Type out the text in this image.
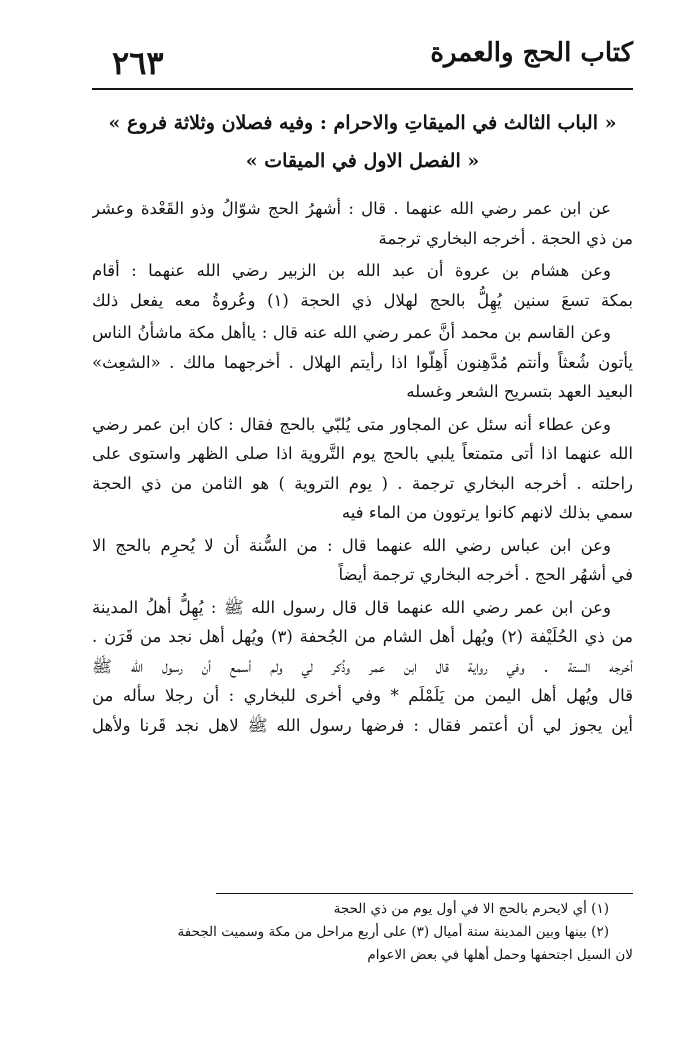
كتاب الحج والعمرة
٢٦٣
« الباب الثالث في الميقاتِ والاحرام : وفيه فصلان وثلاثة فروع »
« الفصل الاول في الميقات »
عن ابن عمر رضي الله عنهما . قال : أشهرُ الحج شوّالُ وذو القَعْدة وعشر
من ذي الحجة . أخرجه البخاري ترجمة
وعن هشام بن عروة أن عبد الله بن الزبير رضي الله عنهما : أقام
بمكة تسعَ سنين يُهِلُّ بالحج لهلال ذي الحجة (١) وعُروةُ معه يفعل ذلك
وعن القاسم بن محمد أنَّ عمر رضي الله عنه قال : ياأهل مكة ماشأنُ الناس
يأتون شُعثاً وأنتم مُدَّهِنون أَهِلّوا اذا رأيتم الهلال . أخرجهما مالك . «الشعِث»
البعيد العهد بتسريح الشعر وغسله
وعن عطاء أنه سئل عن المجاور متى يُلبّي بالحج فقال : كان ابن عمر رضي
الله عنهما اذا أتى متمتعاً يلبي بالحج يوم التَّروية اذا صلى الظهر واستوى على
راحلته . أخرجه البخاري ترجمة . ( يوم التروية ) هو الثامن من ذي الحجة
سمي بذلك لانهم كانوا يرتوون من الماء فيه
وعن ابن عباس رضي الله عنهما قال : من السُّنة أن لا يُحرِم بالحج الا
في أشهُر الحج . أخرجه البخاري ترجمة أيضاً
وعن ابن عمر رضي الله عنهما قال قال رسول الله ﷺ : يُهِلُّ أهلُ المدينة
من ذي الحُلَيْفة (٢) ويُهل أهل الشام من الجُحفة (٣) ويُهل أهل نجد من قَرَن .
أخرجه الستة . وفي رواية قال ابن عمر وذُكر لي ولم أسمع أن رسول الله ﷺ
قال ويُهل أهل اليمن من يَلَمْلَم * وفي أخرى للبخاري : أن رجلا سأله من
أين يجوز لي أن أعتمر فقال : فرضها رسول الله ﷺ لاهل نجد قَرنا ولأهل
(١) أي لايحرم بالحج الا في أول يوم من ذي الحجة
(٢) بينها وبين المدينة ستة أميال (٣) على أربع مراحل من مكة وسميت الجحفة
لان السيل اجتحفها وحمل أهلها في بعض الاعوام
